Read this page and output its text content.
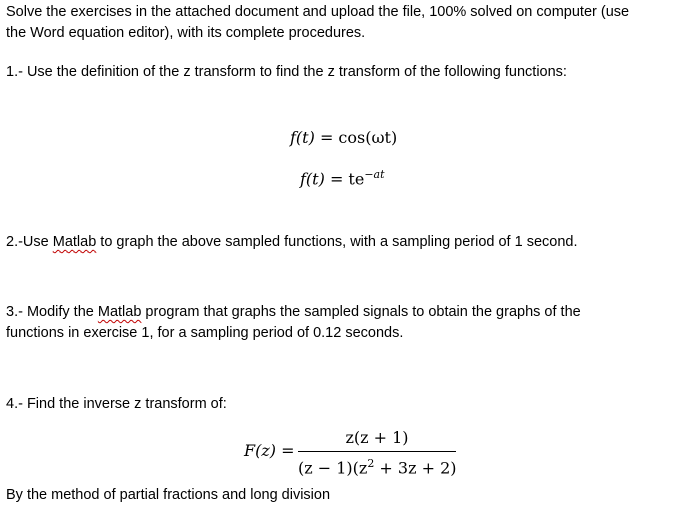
Solve the exercises in the attached document and upload the file, 100% solved on computer (use
the Word equation editor), with its complete procedures.
1.- Use the definition of the z transform to find the z transform of the following functions:
f(t) = cos(ωt)
$f(t) = te^{-at}$
2.-Use Matlab to graph the above sampled functions, with a sampling period of 1 second.
3.- Modify the Matlab program that graphs the sampled signals to obtain the graphs of the
functions in exercise 1, for a sampling period of 0.12 seconds.
4.- Find the inverse z transform of:
F(z) =
z(z + 1)
$(z - 1)(z^2 + 3z + 2)$
By the method of partial fractions and long division
